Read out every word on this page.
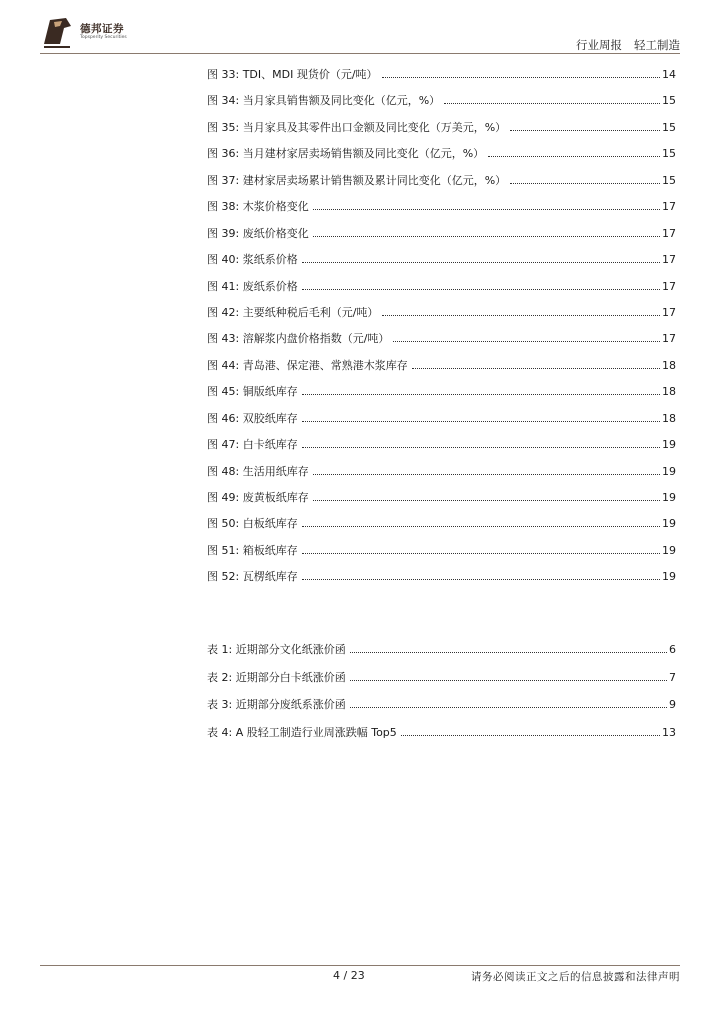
德邦证券
Topsperity Securities
行业周报 轻工制造
图 33: TDI、MDI 现货价（元/吨）	14
图 34: 当月家具销售额及同比变化（亿元，%）	15
图 35: 当月家具及其零件出口金额及同比变化（万美元，%）	15
图 36: 当月建材家居卖场销售额及同比变化（亿元，%）	15
图 37: 建材家居卖场累计销售额及累计同比变化（亿元，%）	15
图 38: 木浆价格变化	17
图 39: 废纸价格变化	17
图 40: 浆纸系价格	17
图 41: 废纸系价格	17
图 42: 主要纸种税后毛利（元/吨）	17
图 43: 溶解浆内盘价格指数（元/吨）	17
图 44: 青岛港、保定港、常熟港木浆库存	18
图 45: 铜版纸库存	18
图 46: 双胶纸库存	18
图 47: 白卡纸库存	19
图 48: 生活用纸库存	19
图 49: 废黄板纸库存	19
图 50: 白板纸库存	19
图 51: 箱板纸库存	19
图 52: 瓦楞纸库存	19
表 1: 近期部分文化纸涨价函	6
表 2: 近期部分白卡纸涨价函	7
表 3: 近期部分废纸系涨价函	9
表 4: A 股轻工制造行业周涨跌幅 Top5	13
4 / 23	请务必阅读正文之后的信息披露和法律声明
